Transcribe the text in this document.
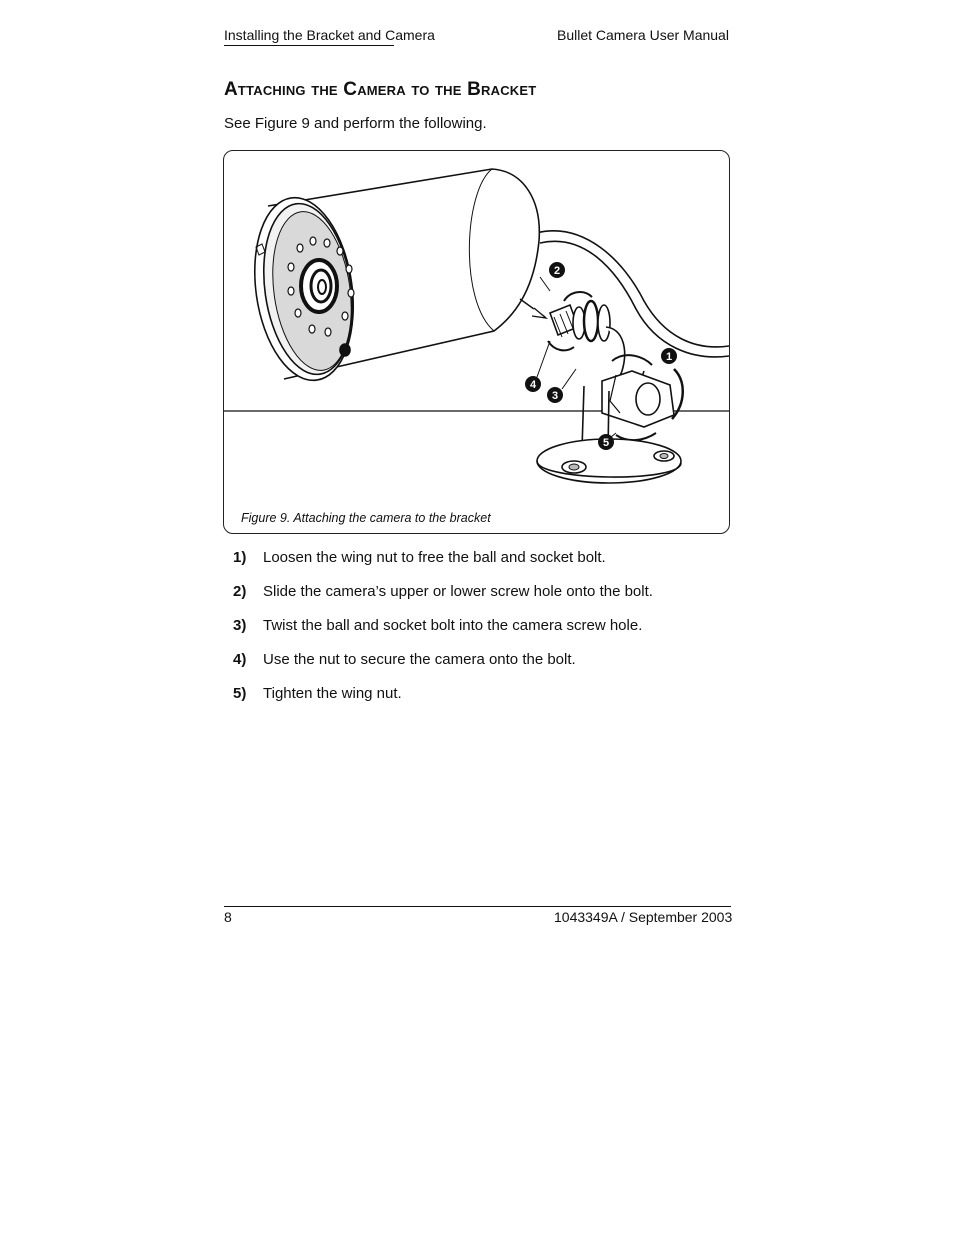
Installing the Bracket and Camera	Bullet Camera User Manual
Attaching the Camera to the Bracket
See Figure 9 and perform the following.
2
1
4
3
5
Figure 9. Attaching the camera to the bracket
1)	Loosen the wing nut to free the ball and socket bolt.
2)	Slide the camera’s upper or lower screw hole onto the bolt.
3)	Twist the ball and socket bolt into the camera screw hole.
4)	Use the nut to secure the camera onto the bolt.
5)	Tighten the wing nut.
8	1043349A / September 2003
